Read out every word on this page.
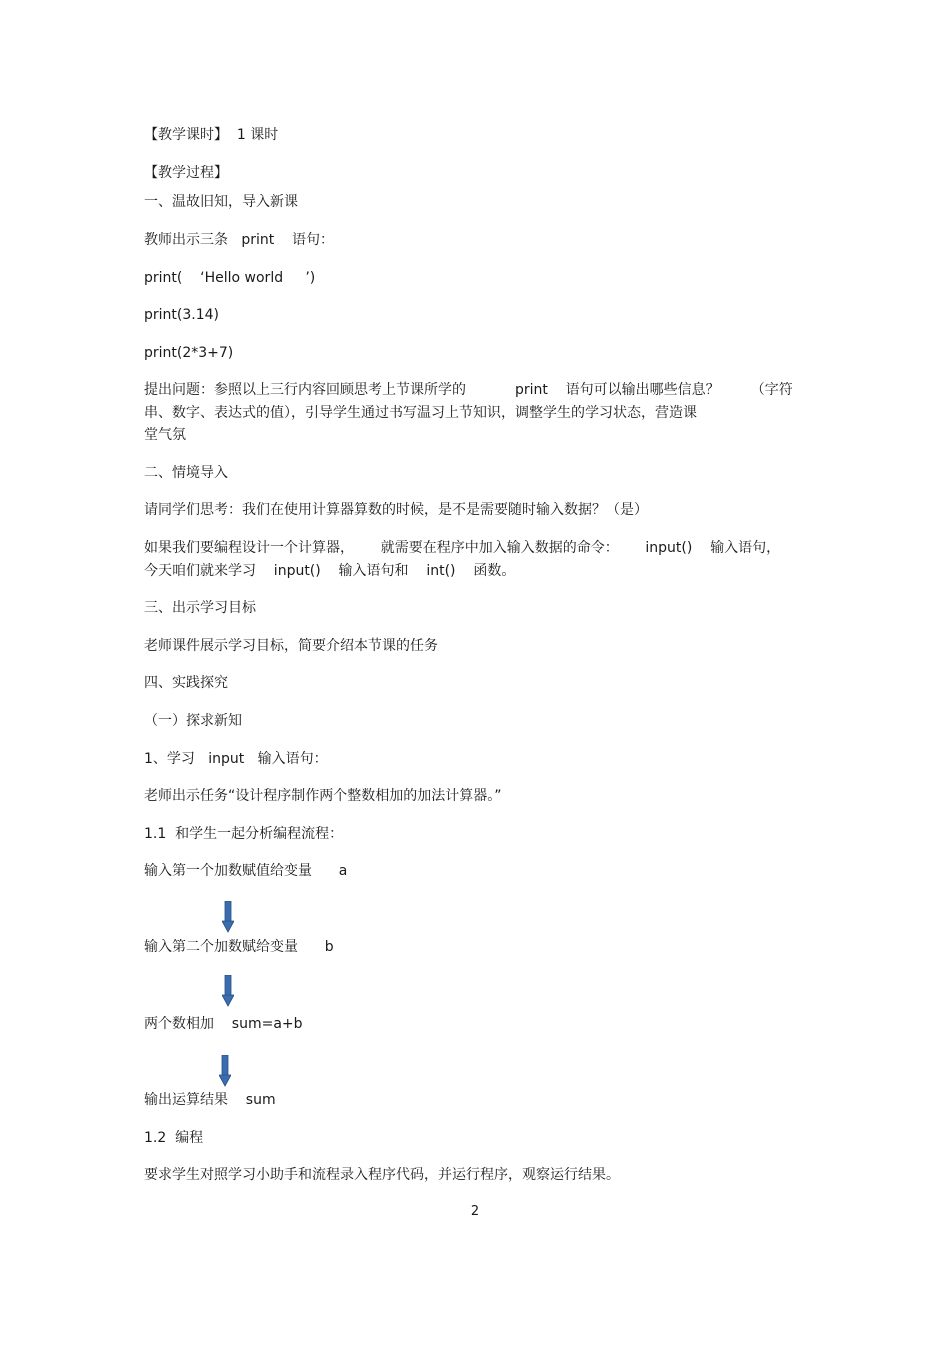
【教学课时】  1 课时
【教学过程】
一、温故旧知，导入新课
教师出示三条   print    语句：
print(    ‘Hello world     ’)
print(3.14)
print(2*3+7)
提出问题：参照以上三行内容回顾思考上节课所学的           print    语句可以输出哪些信息？       （字符
串、数字、表达式的值），引导学生通过书写温习上节知识，调整学生的学习状态，营造课
堂气氛
二、情境导入
请同学们思考：我们在使用计算器算数的时候，是不是需要随时输入数据？（是）
如果我们要编程设计一个计算器，      就需要在程序中加入输入数据的命令：      input()    输入语句，
今天咱们就来学习    input()    输入语句和    int()    函数。
三、出示学习目标
老师课件展示学习目标，简要介绍本节课的任务
四、实践探究
（一）探求新知
1、学习   input   输入语句：
老师出示任务“设计程序制作两个整数相加的加法计算器。”
1.1  和学生一起分析编程流程：
输入第一个加数赋值给变量      a
输入第二个加数赋给变量      b
两个数相加    sum=a+b
输出运算结果    sum
1.2  编程
要求学生对照学习小助手和流程录入程序代码，并运行程序，观察运行结果。
2
